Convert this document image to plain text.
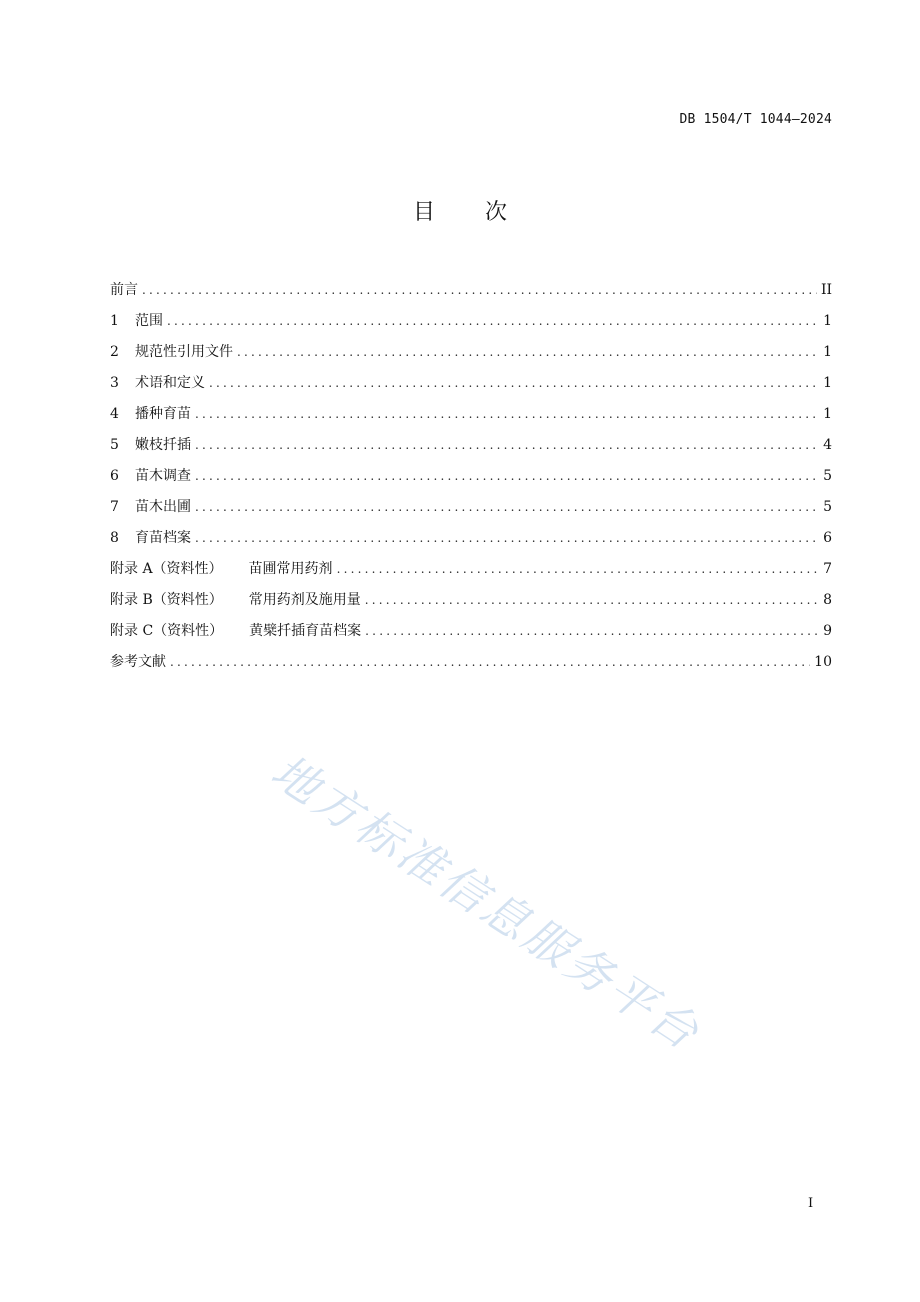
DB 1504/T 1044—2024
目 次
前言 .....	II
1 范围 .....	1
2 规范性引用文件 .....	1
3 术语和定义 .....	1
4 播种育苗 .....	1
5 嫩枝扦插 .....	4
6 苗木调查 .....	5
7 苗木出圃 .....	5
8 育苗档案 .....	6
附录 A（资料性） 苗圃常用药剂 .....	7
附录 B（资料性） 常用药剂及施用量 .....	8
附录 C（资料性） 黄檗扦插育苗档案 .....	9
参考文献 .....	10
地方标准信息服务平台
I
